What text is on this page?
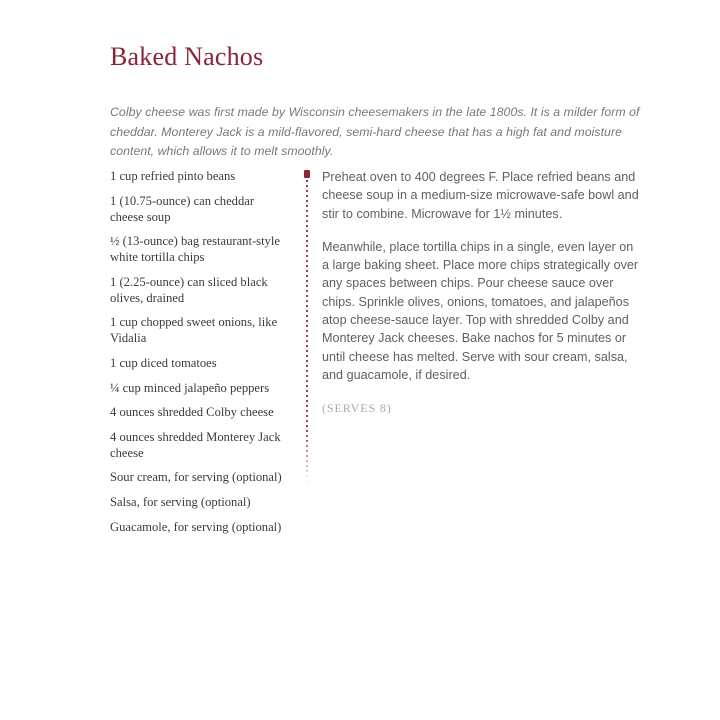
Baked Nachos

Colby cheese was first made by Wisconsin cheesemakers in the late 1800s. It is a milder form of cheddar. Monterey Jack is a mild-flavored, semi-hard cheese that has a high fat and moisture content, which allows it to melt smoothly.

1 cup refried pinto beans
1 (10.75-ounce) can cheddar cheese soup
½ (13-ounce) bag restaurant-style white tortilla chips
1 (2.25-ounce) can sliced black olives, drained
1 cup chopped sweet onions, like Vidalia
1 cup diced tomatoes
¼ cup minced jalapeño peppers
4 ounces shredded Colby cheese
4 ounces shredded Monterey Jack cheese
Sour cream, for serving (optional)
Salsa, for serving (optional)
Guacamole, for serving (optional)

Preheat oven to 400 degrees F. Place refried beans and cheese soup in a medium-size microwave-safe bowl and stir to combine. Microwave for 1½ minutes.

Meanwhile, place tortilla chips in a single, even layer on a large baking sheet. Place more chips strategically over any spaces between chips. Pour cheese sauce over chips. Sprinkle olives, onions, tomatoes, and jalapeños atop cheese-sauce layer. Top with shredded Colby and Monterey Jack cheeses. Bake nachos for 5 minutes or until cheese has melted. Serve with sour cream, salsa, and guacamole, if desired.

(SERVES 8)
